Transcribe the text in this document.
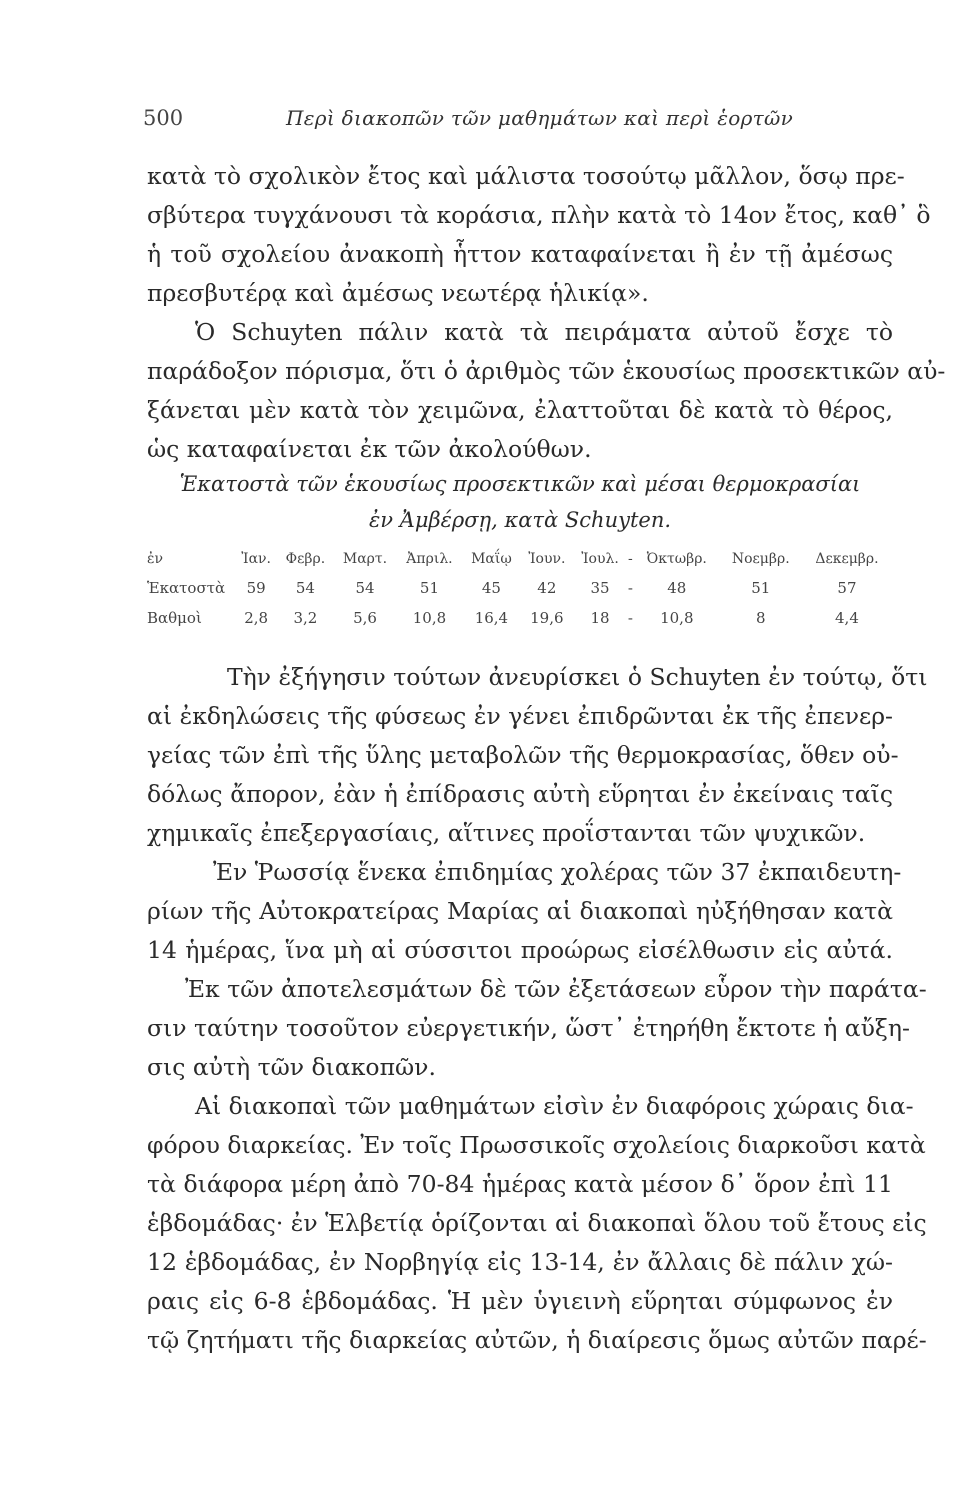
500	Περὶ διακοπῶν τῶν μαθημάτων καὶ περὶ ἑορτῶν
κατὰ τὸ σχολικὸν ἔτος καὶ μάλιστα τοσούτῳ μᾶλλον, ὅσῳ πρε-
σβύτερα τυγχάνουσι τὰ κοράσια, πλὴν κατὰ τὸ 14ον ἔτος, καθ᾽ ὃ
ἡ τοῦ σχολείου ἀνακοπὴ ἧττον καταφαίνεται ἢ ἐν τῇ ἀμέσως
πρεσβυτέρᾳ καὶ ἀμέσως νεωτέρᾳ ἡλικίᾳ».
Ὁ Schuyten πάλιν κατὰ τὰ πειράματα αὐτοῦ ἔσχε τὸ
παράδοξον πόρισμα, ὅτι ὁ ἀριθμὸς τῶν ἑκουσίως προσεκτικῶν αὐ-
ξάνεται μὲν κατὰ τὸν χειμῶνα, ἐλαττοῦται δὲ κατὰ τὸ θέρος,
ὡς καταφαίνεται ἐκ τῶν ἀκολούθων.
Ἑκατοστὰ τῶν ἑκουσίως προσεκτικῶν καὶ μέσαι θερμοκρασίαι
ἐν Ἀμβέρσῃ, κατὰ Schuyten.
ἐν	Ἰαν.	Φεβρ.	Μαρτ.	Ἀπριλ.	Μαΐῳ	Ἰουν.	Ἰουλ.	-	Ὀκτωβρ.	Νοεμβρ.	Δεκεμβρ.
Ἑκατοστὰ	59	54	54	51	45	42	35	-	48	51	57
Βαθμοὶ	2,8	3,2	5,6	10,8	16,4	19,6	18	-	10,8	8	4,4
Τὴν ἐξήγησιν τούτων ἀνευρίσκει ὁ Schuyten ἐν τούτῳ, ὅτι
αἱ ἐκδηλώσεις τῆς φύσεως ἐν γένει ἐπιδρῶνται ἐκ τῆς ἐπενερ-
γείας τῶν ἐπὶ τῆς ὕλης μεταβολῶν τῆς θερμοκρασίας, ὅθεν οὐ-
δόλως ἄπορον, ἐὰν ἡ ἐπίδρασις αὐτὴ εὕρηται ἐν ἐκείναις ταῖς
χημικαῖς ἐπεξεργασίαις, αἵτινες προΐστανται τῶν ψυχικῶν.
Ἐν Ῥωσσίᾳ ἕνεκα ἐπιδημίας χολέρας τῶν 37 ἐκπαιδευτη-
ρίων τῆς Αὐτοκρατείρας Μαρίας αἱ διακοπαὶ ηὐξήθησαν κατὰ
14 ἡμέρας, ἵνα μὴ αἱ σύσσιτοι προώρως εἰσέλθωσιν εἰς αὐτά.
Ἐκ τῶν ἀποτελεσμάτων δὲ τῶν ἐξετάσεων εὗρον τὴν παράτα-
σιν ταύτην τοσοῦτον εὐεργετικήν, ὥστ᾽ ἐτηρήθη ἔκτοτε ἡ αὔξη-
σις αὐτὴ τῶν διακοπῶν.
Αἱ διακοπαὶ τῶν μαθημάτων εἰσὶν ἐν διαφόροις χώραις δια-
φόρου διαρκείας. Ἐν τοῖς Πρωσσικοῖς σχολείοις διαρκοῦσι κατὰ
τὰ διάφορα μέρη ἀπὸ 70-84 ἡμέρας κατὰ μέσον δ᾽ ὅρον ἐπὶ 11
ἑβδομάδας· ἐν Ἑλβετίᾳ ὁρίζονται αἱ διακοπαὶ ὅλου τοῦ ἔτους εἰς
12 ἑβδομάδας, ἐν Νορβηγίᾳ εἰς 13-14, ἐν ἄλλαις δὲ πάλιν χώ-
ραις εἰς 6-8 ἑβδομάδας. Ἡ μὲν ὑγιεινὴ εὕρηται σύμφωνος ἐν
τῷ ζητήματι τῆς διαρκείας αὐτῶν, ἡ διαίρεσις ὅμως αὐτῶν παρέ-
